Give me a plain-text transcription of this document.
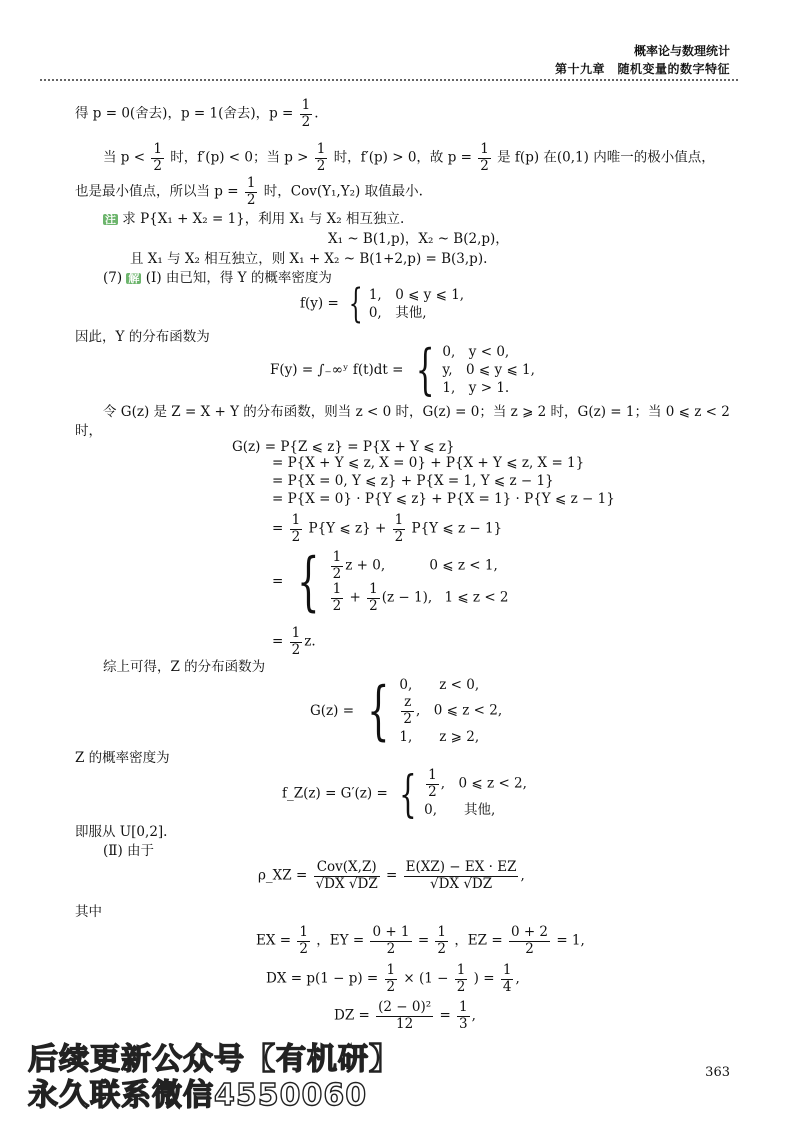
概率论与数理统计
第十九章　随机变量的数字特征
得 p = 0(舍去)，p = 1(舍去)，$p = \frac{1}{2}$ .
当 $p < \frac{1}{2}$ 时，f′(p) < 0；当 $p > \frac{1}{2}$ 时，f′(p) > 0，故 $p = \frac{1}{2}$ 是 f(p) 在(0,1) 内唯一的极小值点，
也是最小值点，所以当 $p = \frac{1}{2}$ 时，Cov(Y₁,Y₂) 取值最小.
注 求 P{X₁ + X₂ = 1}，利用 X₁ 与 X₂ 相互独立.
X₁ ~ B(1,p)，X₂ ~ B(2,p)，
且 X₁ 与 X₂ 相互独立，则 X₁ + X₂ ~ B(1+2,p) = B(3,p).
(7) 解 (Ⅰ) 由已知，得 Y 的概率密度为
f(y) = { 1,　0 ⩽ y ⩽ 1,
0,　其他,
因此，Y 的分布函数为
F(y) = ∫₋∞ʸ f(t)dt = { 0,　y < 0,
y,　0 ⩽ y ⩽ 1,
1,　y > 1.
令 G(z) 是 Z = X + Y 的分布函数，则当 z < 0 时，G(z) = 0；当 z ⩾ 2 时，G(z) = 1；当 0 ⩽ z < 2
时，
G(z) = P{Z ⩽ z} = P{X + Y ⩽ z}
= P{X + Y ⩽ z, X = 0} + P{X + Y ⩽ z, X = 1}
= P{X = 0, Y ⩽ z} + P{X = 1, Y ⩽ z − 1}
= P{X = 0} · P{Y ⩽ z} + P{X = 1} · P{Y ⩽ z − 1}
= $\frac{1}{2} P\{Y$ ⩽ $z\} + \frac{1}{2} P\{Y$ ⩽ z − 1}
= { $\frac{1}{2}$ z + 0,	0 ⩽ z < 1,

$\frac{1}{2} + \frac{1}{2} (z - 1)$, 1 ⩽ z < 2
= $\frac{1}{2} z$.
综上可得，Z 的分布函数为
G(z) = { 0,　　z < 0,

$\frac{z}{2}$ ,　0 ⩽ z < 2,
1,　　z ⩾ 2,
Z 的概率密度为
f_Z(z) = G′(z) = { $\frac{1}{2}$ ,　0 ⩽ z < 2,
0,　　其他,
即服从 U[0,2].
(Ⅱ) 由于
ρ_XZ = $\frac{\text{Cov(X,Z)}}{√DX √DZ} = \frac{E(XZ) - EX \cdot EZ}{√DX √DZ}$ ,
其中
EX = $\frac{1}{2}$ ，EY = $\frac{0 + 1}{2} = \frac{1}{2}$ ，EZ = $\frac{0 + 2}{2} = 1$,
DX = $p(1 - p) = \frac{1}{2} \times (1 - \frac{1}{2}$ ) = $\frac{1}{4}$ ,
DZ = $\frac{\text{(2 − 0)²}}{12} = \frac{1}{3}$ ,
后续更新公众号【有机研】
永久联系微信4550060
363
